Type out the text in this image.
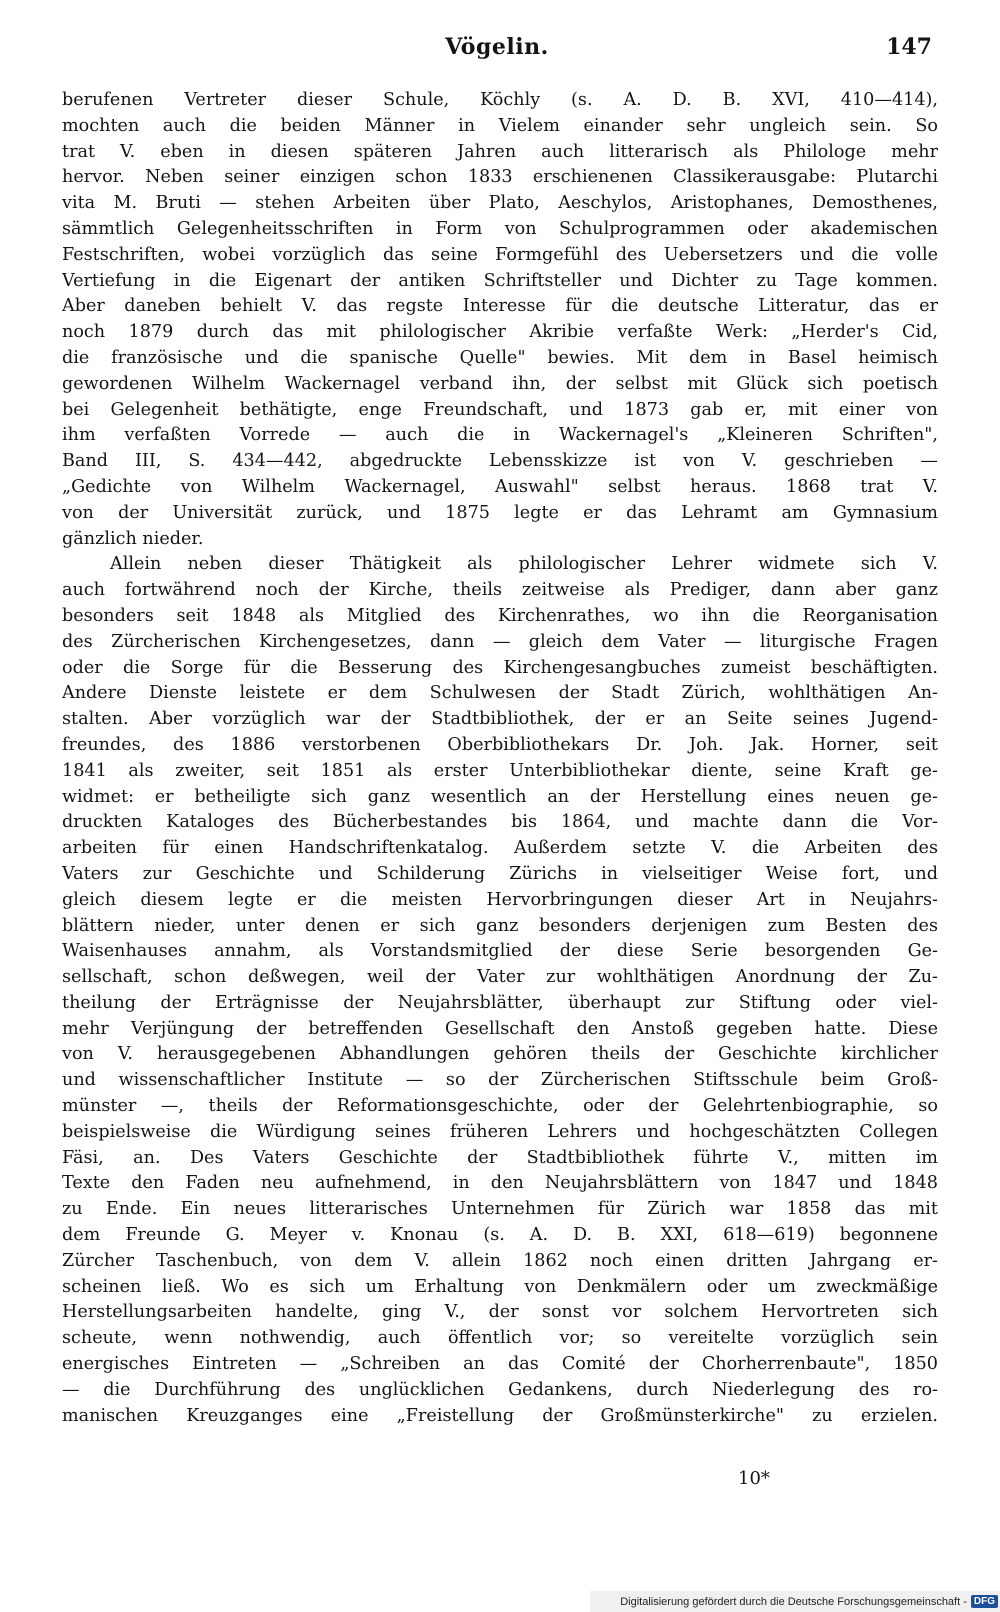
Vögelin.	147
berufenen Vertreter dieser Schule, Köchly (s. A. D. B. XVI, 410—414),
mochten auch die beiden Männer in Vielem einander sehr ungleich sein. So
trat V. eben in diesen späteren Jahren auch litterarisch als Philologe mehr
hervor. Neben seiner einzigen schon 1833 erschienenen Classikerausgabe: Plutarchi
vita M. Bruti — stehen Arbeiten über Plato, Aeschylos, Aristophanes, Demosthenes,
sämmtlich Gelegenheitsschriften in Form von Schulprogrammen oder akademischen
Festschriften, wobei vorzüglich das seine Formgefühl des Uebersetzers und die volle
Vertiefung in die Eigenart der antiken Schriftsteller und Dichter zu Tage kommen.
Aber daneben behielt V. das regste Interesse für die deutsche Litteratur, das er
noch 1879 durch das mit philologischer Akribie verfaßte Werk: „Herder's Cid,
die französische und die spanische Quelle" bewies. Mit dem in Basel heimisch
gewordenen Wilhelm Wackernagel verband ihn, der selbst mit Glück sich poetisch
bei Gelegenheit bethätigte, enge Freundschaft, und 1873 gab er, mit einer von
ihm verfaßten Vorrede — auch die in Wackernagel's „Kleineren Schriften",
Band III, S. 434—442, abgedruckte Lebensskizze ist von V. geschrieben —
„Gedichte von Wilhelm Wackernagel, Auswahl" selbst heraus. 1868 trat V.
von der Universität zurück, und 1875 legte er das Lehramt am Gymnasium
gänzlich nieder.
Allein neben dieser Thätigkeit als philologischer Lehrer widmete sich V.
auch fortwährend noch der Kirche, theils zeitweise als Prediger, dann aber ganz
besonders seit 1848 als Mitglied des Kirchenrathes, wo ihn die Reorganisation
des Zürcherischen Kirchengesetzes, dann — gleich dem Vater — liturgische Fragen
oder die Sorge für die Besserung des Kirchengesangbuches zumeist beschäftigten.
Andere Dienste leistete er dem Schulwesen der Stadt Zürich, wohlthätigen An-
stalten. Aber vorzüglich war der Stadtbibliothek, der er an Seite seines Jugend-
freundes, des 1886 verstorbenen Oberbibliothekars Dr. Joh. Jak. Horner, seit
1841 als zweiter, seit 1851 als erster Unterbibliothekar diente, seine Kraft ge-
widmet: er betheiligte sich ganz wesentlich an der Herstellung eines neuen ge-
druckten Kataloges des Bücherbestandes bis 1864, und machte dann die Vor-
arbeiten für einen Handschriftenkatalog. Außerdem setzte V. die Arbeiten des
Vaters zur Geschichte und Schilderung Zürichs in vielseitiger Weise fort, und
gleich diesem legte er die meisten Hervorbringungen dieser Art in Neujahrs-
blättern nieder, unter denen er sich ganz besonders derjenigen zum Besten des
Waisenhauses annahm, als Vorstandsmitglied der diese Serie besorgenden Ge-
sellschaft, schon deßwegen, weil der Vater zur wohlthätigen Anordnung der Zu-
theilung der Erträgnisse der Neujahrsblätter, überhaupt zur Stiftung oder viel-
mehr Verjüngung der betreffenden Gesellschaft den Anstoß gegeben hatte. Diese
von V. herausgegebenen Abhandlungen gehören theils der Geschichte kirchlicher
und wissenschaftlicher Institute — so der Zürcherischen Stiftsschule beim Groß-
münster —, theils der Reformationsgeschichte, oder der Gelehrtenbiographie, so
beispielsweise die Würdigung seines früheren Lehrers und hochgeschätzten Collegen
Fäsi, an. Des Vaters Geschichte der Stadtbibliothek führte V., mitten im
Texte den Faden neu aufnehmend, in den Neujahrsblättern von 1847 und 1848
zu Ende. Ein neues litterarisches Unternehmen für Zürich war 1858 das mit
dem Freunde G. Meyer v. Knonau (s. A. D. B. XXI, 618—619) begonnene
Zürcher Taschenbuch, von dem V. allein 1862 noch einen dritten Jahrgang er-
scheinen ließ. Wo es sich um Erhaltung von Denkmälern oder um zweckmäßige
Herstellungsarbeiten handelte, ging V., der sonst vor solchem Hervortreten sich
scheute, wenn nothwendig, auch öffentlich vor; so vereitelte vorzüglich sein
energisches Eintreten — „Schreiben an das Comité der Chorherrenbaute", 1850
— die Durchführung des unglücklichen Gedankens, durch Niederlegung des ro-
manischen Kreuzganges eine „Freistellung der Großmünsterkirche" zu erzielen.
10*
Digitalisierung gefördert durch die Deutsche Forschungsgemeinschaft - DFG
